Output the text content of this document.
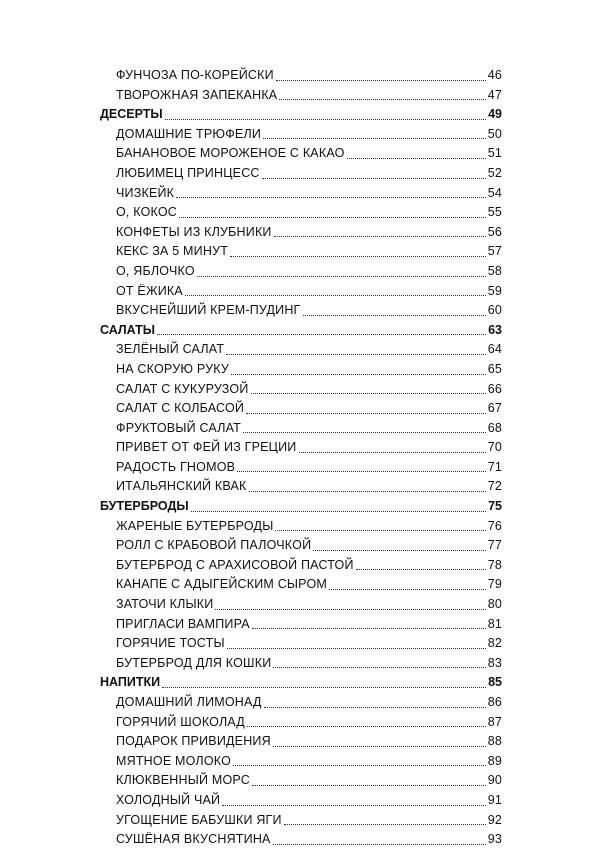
ФУНЧОЗА ПО-КОРЕЙСКИ	46
ТВОРОЖНАЯ ЗАПЕКАНКА	47
ДЕСЕРТЫ	49
ДОМАШНИЕ ТРЮФЕЛИ	50
БАНАНОВОЕ МОРОЖЕНОЕ С КАКАО	51
ЛЮБИМЕЦ ПРИНЦЕСС	52
ЧИЗКЕЙК	54
О, КОКОС	55
КОНФЕТЫ ИЗ КЛУБНИКИ	56
КЕКС ЗА 5 МИНУТ	57
О, ЯБЛОЧКО	58
ОТ ЁЖИКА	59
ВКУСНЕЙШИЙ КРЕМ-ПУДИНГ	60
САЛАТЫ	63
ЗЕЛЁНЫЙ САЛАТ	64
НА СКОРУЮ РУКУ	65
САЛАТ С КУКУРУЗОЙ	66
САЛАТ С КОЛБАСОЙ	67
ФРУКТОВЫЙ САЛАТ	68
ПРИВЕТ ОТ ФЕЙ ИЗ ГРЕЦИИ	70
РАДОСТЬ ГНОМОВ	71
ИТАЛЬЯНСКИЙ КВАК	72
БУТЕРБРОДЫ	75
ЖАРЕНЫЕ БУТЕРБРОДЫ	76
РОЛЛ С КРАБОВОЙ ПАЛОЧКОЙ	77
БУТЕРБРОД С АРАХИСОВОЙ ПАСТОЙ	78
КАНАПЕ С АДЫГЕЙСКИМ СЫРОМ	79
ЗАТОЧИ КЛЫКИ	80
ПРИГЛАСИ ВАМПИРА	81
ГОРЯЧИЕ ТОСТЫ	82
БУТЕРБРОД ДЛЯ КОШКИ	83
НАПИТКИ	85
ДОМАШНИЙ ЛИМОНАД	86
ГОРЯЧИЙ ШОКОЛАД	87
ПОДАРОК ПРИВИДЕНИЯ	88
МЯТНОЕ МОЛОКО	89
КЛЮКВЕННЫЙ МОРС	90
ХОЛОДНЫЙ ЧАЙ	91
УГОЩЕНИЕ БАБУШКИ ЯГИ	92
СУШЁНАЯ ВКУСНЯТИНА	93
